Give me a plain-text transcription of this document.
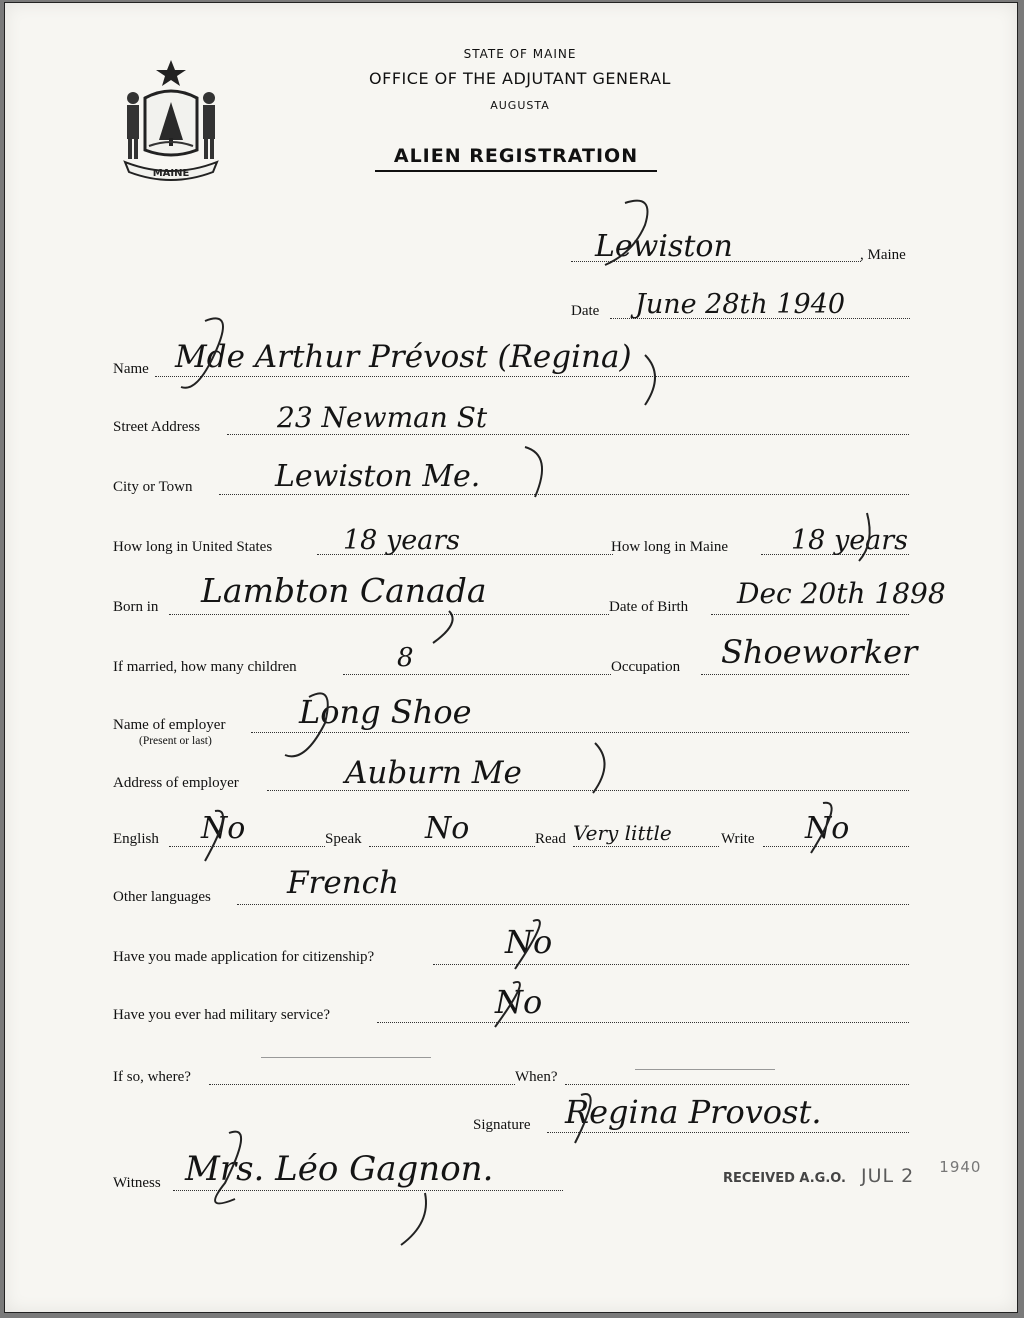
MAINE
STATE OF MAINE
OFFICE OF THE ADJUTANT GENERAL
AUGUSTA
ALIEN REGISTRATION
, Maine
Lewiston
Date June 28th 1940
Name Mde Arthur Prévost (Regina)
Street Address	23 Newman St
City or Town	Lewiston Me.
How long in United States	18 years	How long in Maine 18 years
Born in Lambton Canada	Date of Birth Dec 20th 1898
If married, how many children	8	Occupation Shoeworker
Name of employer
(Present or last)
Long Shoe
Address of employer	Auburn Me
English No	Speak No	Read Very little	Write No
Other languages French
Have you made application for citizenship?	No
Have you ever had military service?	No
If so, where?	When?
Signature Regina Provost.
Witness Mrs. Léo Gagnon.	RECEIVED A.G.O. JUL 2 $^{1940}$
